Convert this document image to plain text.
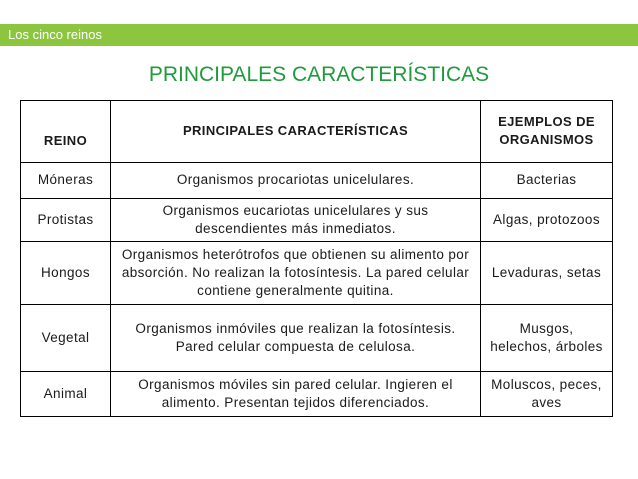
Los cinco reinos
PRINCIPALES CARACTERÍSTICAS
REINO	PRINCIPALES CARACTERÍSTICAS	EJEMPLOS DE ORGANISMOS
Móneras	Organismos procariotas unicelulares.	Bacterias
Protistas	Organismos eucariotas unicelulares y sus descendientes más inmediatos.	Algas, protozoos
Hongos	Organismos heterótrofos que obtienen su alimento por absorción. No realizan la fotosíntesis. La pared celular contiene generalmente quitina.	Levaduras, setas
Vegetal	Organismos inmóviles que realizan la fotosíntesis. Pared celular compuesta de celulosa.	Musgos, helechos, árboles
Animal	Organismos móviles sin pared celular. Ingieren el alimento. Presentan tejidos diferenciados.	Moluscos, peces, aves
